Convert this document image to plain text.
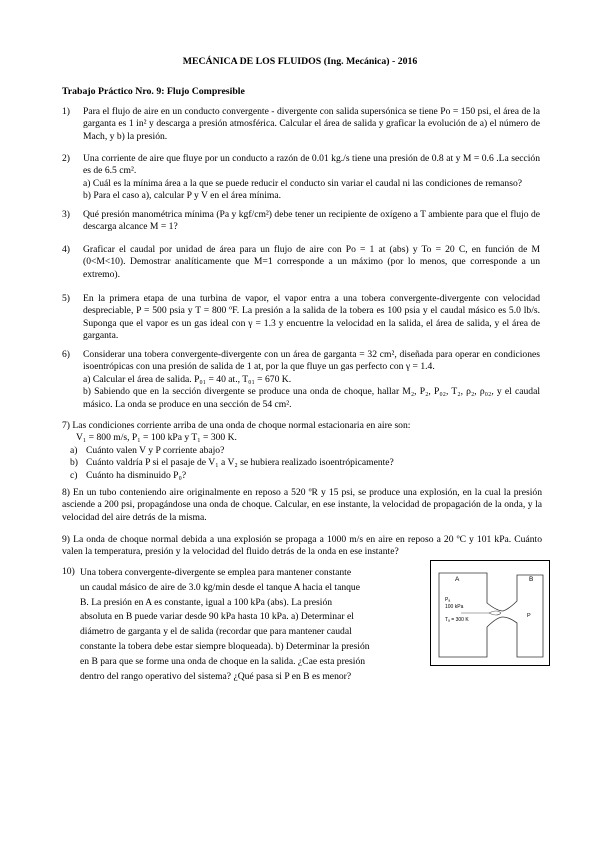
MECÁNICA DE LOS FLUIDOS (Ing. Mecánica) - 2016
Trabajo Práctico Nro. 9: Flujo Compresible
1) Para el flujo de aire en un conducto convergente - divergente con salida supersónica se tiene Po = 150 psi, el área de la garganta es 1 in² y descarga a presión atmosférica. Calcular el área de salida y graficar la evolución de a) el número de Mach, y b) la presión.

2) Una corriente de aire que fluye por un conducto a razón de 0.01 kg./s tiene una presión de 0.8 at y M = 0.6 .La sección es de 6.5 cm².

a) Cuál es la mínima área a la que se puede reducir el conducto sin variar el caudal ni las condiciones de remanso?

b) Para el caso a), calcular P y V en el área mínima.

3) Qué presión manométrica mínima (Pa y kgf/cm²) debe tener un recipiente de oxígeno a T ambiente para que el flujo de descarga alcance M = 1?

4) Graficar el caudal por unidad de área para un flujo de aire con Po = 1 at (abs) y To = 20 C, en función de M (0<M<10). Demostrar analíticamente que M=1 corresponde a un máximo (por lo menos, que corresponde a un extremo).

5) En la primera etapa de una turbina de vapor, el vapor entra a una tobera convergente-divergente con velocidad despreciable, P = 500 psia y T = 800 ºF. La presión a la salida de la tobera es 100 psia y el caudal másico es 5.0 lb/s. Suponga que el vapor es un gas ideal con γ = 1.3 y encuentre la velocidad en la salida, el área de salida, y el área de garganta.

6) Considerar una tobera convergente-divergente con un área de garganta = 32 cm², diseñada para operar en condiciones isoentrópicas con una presión de salida de 1 at, por la que fluye un gas perfecto con γ = 1.4.

a) Calcular el área de salida. P₀₁ = 40 at., T₀₁ = 670 K.

b) Sabiendo que en la sección divergente se produce una onda de choque, hallar M₂, P₂, P₀₂, T₂, ρ₂, ρ₀₂, y el caudal másico. La onda se produce en una sección de 54 cm².

7) Las condiciones corriente arriba de una onda de choque normal estacionaria en aire son:

V₁ = 800 m/s, P₁ = 100 kPa y T₁ = 300 K.

a) Cuánto valen V y P corriente abajo?
b) Cuánto valdría P si el pasaje de V₁ a V₂ se hubiera realizado isoentrópicamente?
c) Cuánto ha disminuido P₀?

8) En un tubo conteniendo aire originalmente en reposo a 520 ºR y 15 psi, se produce una explosión, en la cual la presión asciende a 200 psi, propagándose una onda de choque. Calcular, en ese instante, la velocidad de propagación de la onda, y la velocidad del aire detrás de la misma.

9) La onda de choque normal debida a una explosión se propaga a 1000 m/s en aire en reposo a 20 ºC y 101 kPa. Cuánto valen la temperatura, presión y la velocidad del fluido detrás de la onda en ese instante?

10) Una tobera convergente-divergente se emplea para mantener constante

un caudal másico de aire de 3.0 kg/min desde el tanque A hacia el tanque

B. La presión en A es constante, igual a 100 kPa (abs). La presión

absoluta en B puede variar desde 90 kPa hasta 10 kPa. a) Determinar el

diámetro de garganta y el de salida (recordar que para mantener caudal

constante la tobera debe estar siempre bloqueada). b) Determinar la presión

en B para que se forme una onda de choque en la salida. ¿Cae esta presión

dentro del rango operativo del sistema? ¿Qué pasa si P en B es menor?

A	B
Pₐ
100 kPa
Tₐ = 300 K
P
